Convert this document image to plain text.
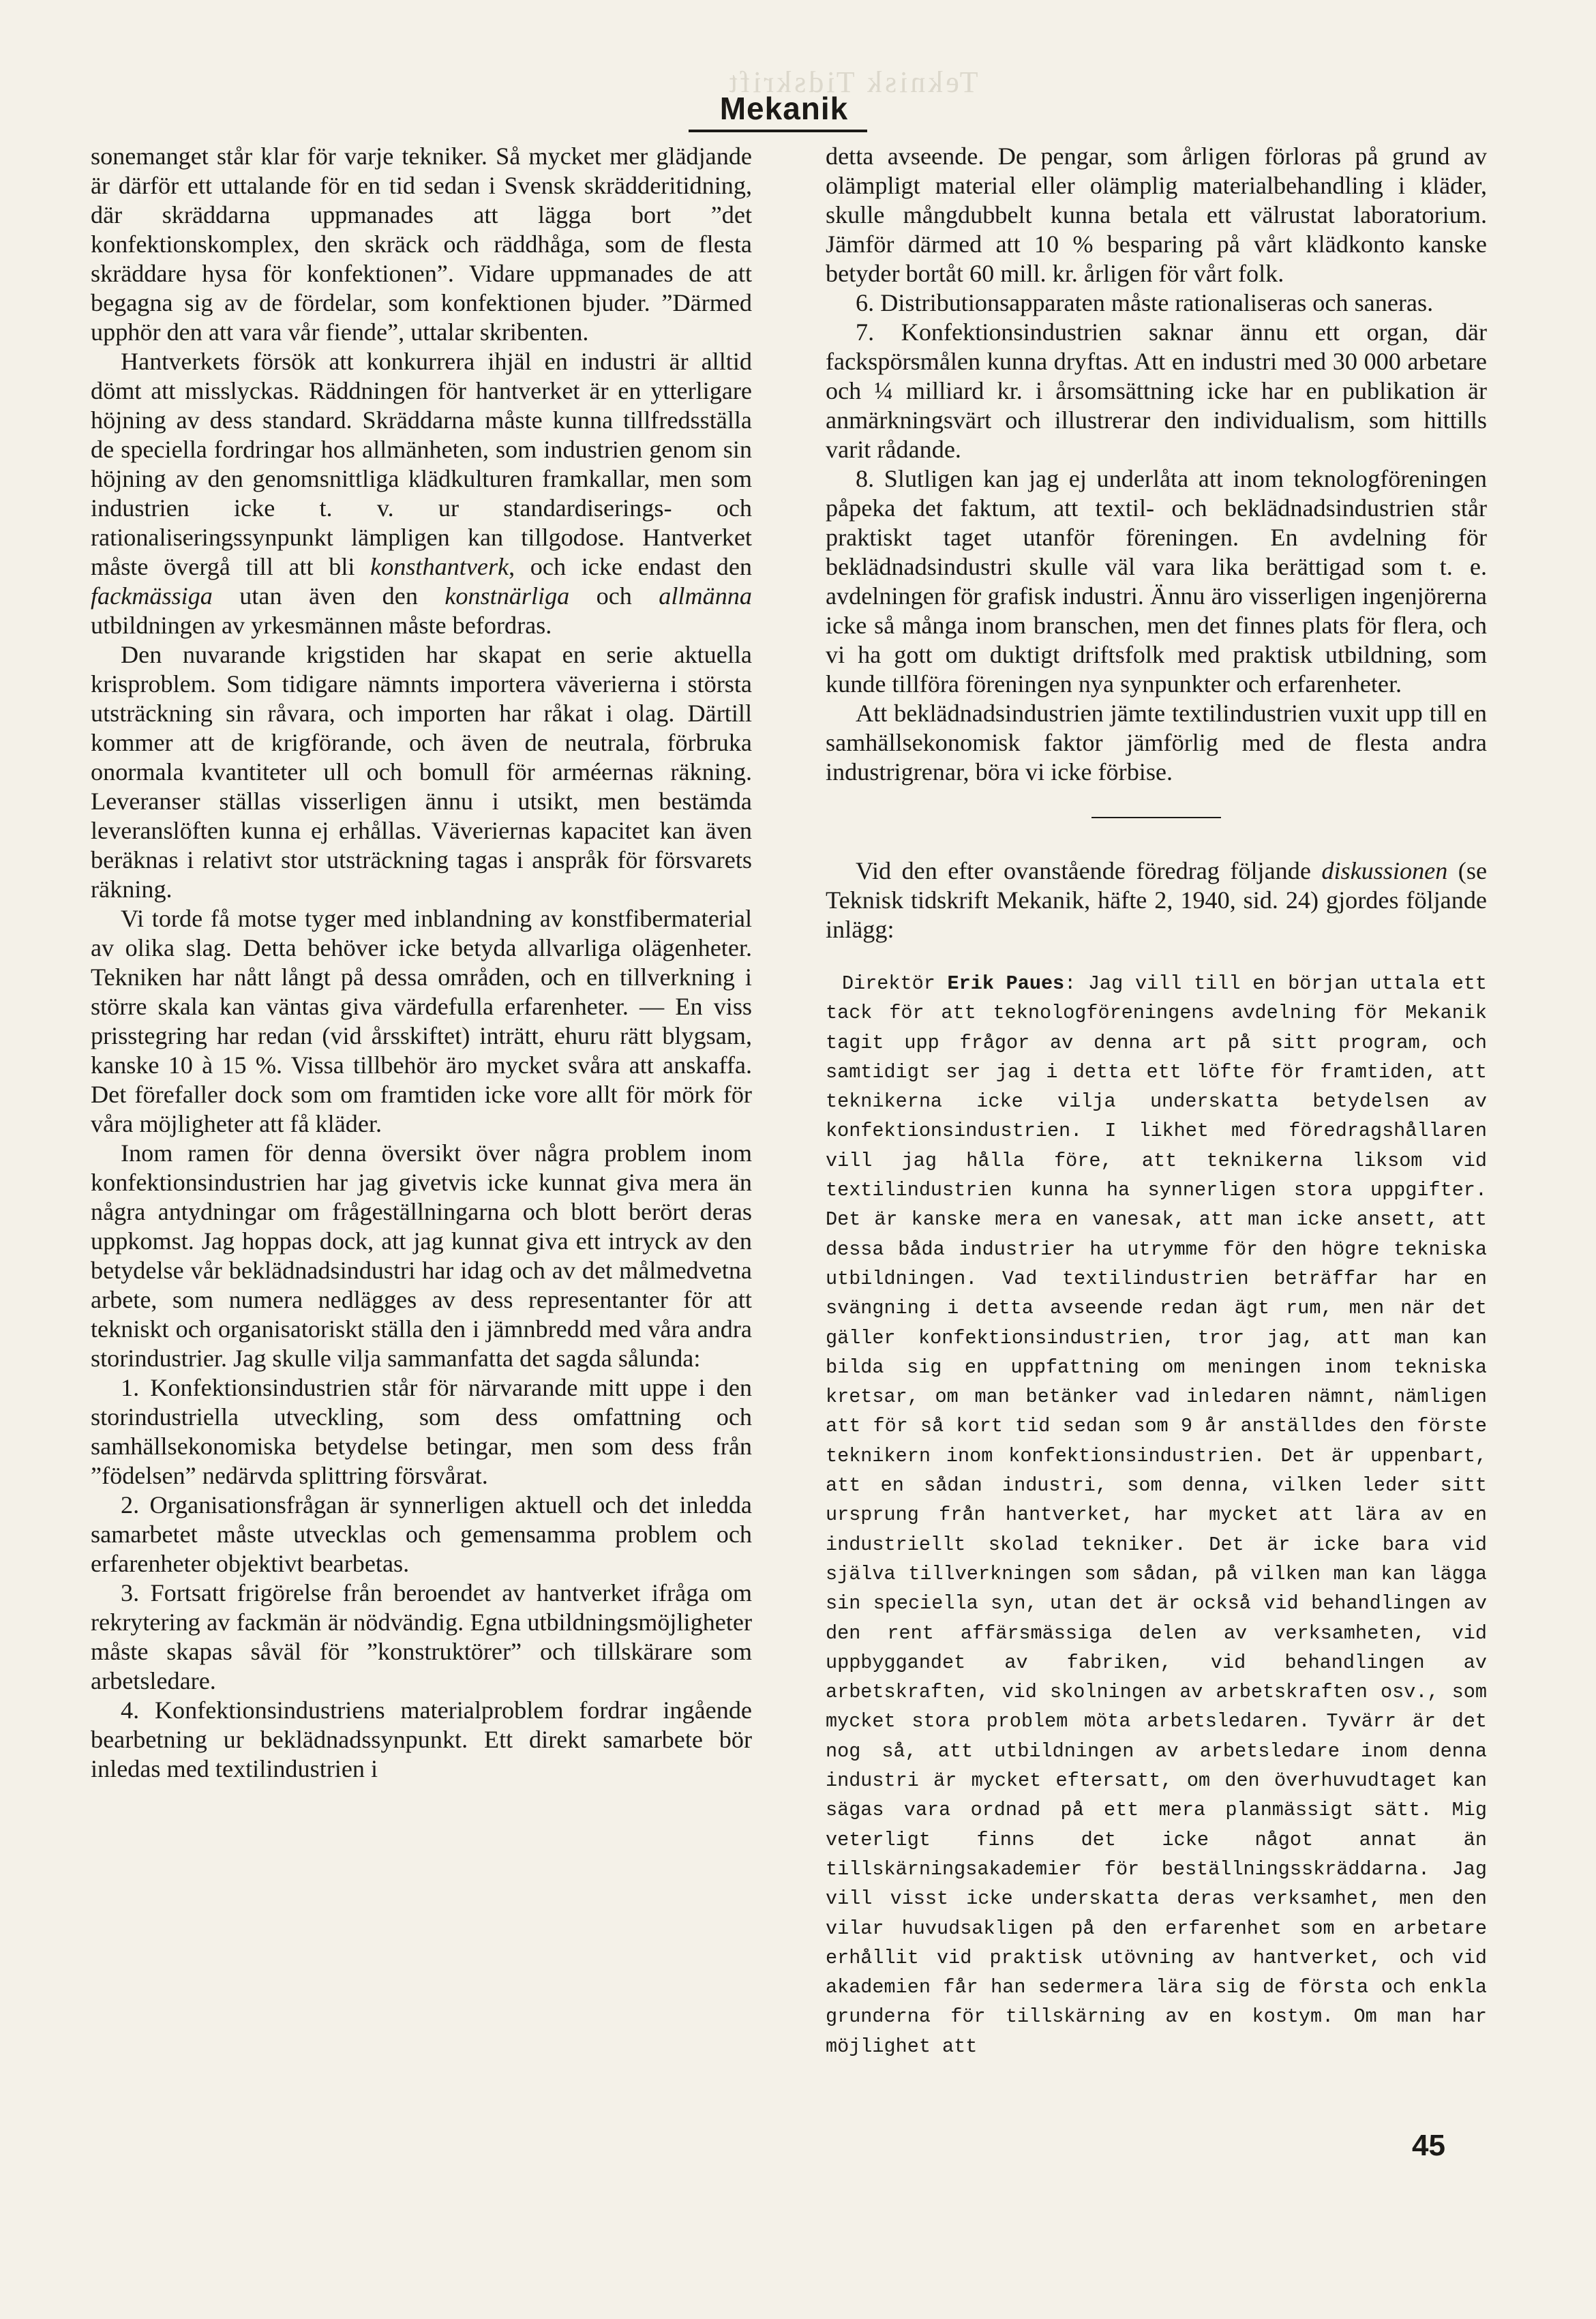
Teknisk Tidskrift
Mekanik

sonemanget står klar för varje tekniker. Så mycket mer glädjande är därför ett uttalande för en tid sedan i Svensk skrädderitidning, där skräddarna uppmanades att lägga bort ”det konfektionskomplex, den skräck och räddhåga, som de flesta skräddare hysa för konfektionen”. Vidare uppmanades de att begagna sig av de fördelar, som konfektionen bjuder. ”Därmed upphör den att vara vår fiende”, uttalar skribenten.

Hantverkets försök att konkurrera ihjäl en industri är alltid dömt att misslyckas. Räddningen för hantverket är en ytterligare höjning av dess standard. Skräddarna måste kunna tillfredsställa de speciella fordringar hos allmänheten, som industrien genom sin höjning av den genomsnittliga klädkulturen framkallar, men som industrien icke t. v. ur standardiserings- och rationaliseringssynpunkt lämpligen kan tillgodose. Hantverket måste övergå till att bli konsthantverk, och icke endast den fackmässiga utan även den konstnärliga och allmänna utbildningen av yrkesmännen måste befordras.

Den nuvarande krigstiden har skapat en serie aktuella krisproblem. Som tidigare nämnts importera väverierna i största utsträckning sin råvara, och importen har råkat i olag. Därtill kommer att de krigförande, och även de neutrala, förbruka onormala kvantiteter ull och bomull för arméernas räkning. Leveranser ställas visserligen ännu i utsikt, men bestämda leveranslöften kunna ej erhållas. Väveriernas kapacitet kan även beräknas i relativt stor utsträckning tagas i anspråk för försvarets räkning.

Vi torde få motse tyger med inblandning av konstfibermaterial av olika slag. Detta behöver icke betyda allvarliga olägenheter. Tekniken har nått långt på dessa områden, och en tillverkning i större skala kan väntas giva värdefulla erfarenheter. — En viss prisstegring har redan (vid årsskiftet) inträtt, ehuru rätt blygsam, kanske 10 à 15 %. Vissa tillbehör äro mycket svåra att anskaffa. Det förefaller dock som om framtiden icke vore allt för mörk för våra möjligheter att få kläder.

Inom ramen för denna översikt över några problem inom konfektionsindustrien har jag givetvis icke kunnat giva mera än några antydningar om frågeställningarna och blott berört deras uppkomst. Jag hoppas dock, att jag kunnat giva ett intryck av den betydelse vår beklädnadsindustri har idag och av det målmedvetna arbete, som numera nedlägges av dess representanter för att tekniskt och organisatoriskt ställa den i jämnbredd med våra andra storindustrier. Jag skulle vilja sammanfatta det sagda sålunda:

1. Konfektionsindustrien står för närvarande mitt uppe i den storindustriella utveckling, som dess omfattning och samhällsekonomiska betydelse betingar, men som dess från ”födelsen” nedärvda splittring försvårat.

2. Organisationsfrågan är synnerligen aktuell och det inledda samarbetet måste utvecklas och gemensamma problem och erfarenheter objektivt bearbetas.

3. Fortsatt frigörelse från beroendet av hantverket ifråga om rekrytering av fackmän är nödvändig. Egna utbildningsmöjligheter måste skapas såväl för ”konstruktörer” och tillskärare som arbetsledare.

4. Konfektionsindustriens materialproblem fordrar ingående bearbetning ur beklädnadssynpunkt. Ett direkt samarbete bör inledas med textilindustrien i

detta avseende. De pengar, som årligen förloras på grund av olämpligt material eller olämplig materialbehandling i kläder, skulle mångdubbelt kunna betala ett välrustat laboratorium. Jämför därmed att 10 % besparing på vårt klädkonto kanske betyder bortåt 60 mill. kr. årligen för vårt folk.

6. Distributionsapparaten måste rationaliseras och saneras.

7. Konfektionsindustrien saknar ännu ett organ, där fackspörsmålen kunna dryftas. Att en industri med 30 000 arbetare och ¼ milliard kr. i årsomsättning icke har en publikation är anmärkningsvärt och illustrerar den individualism, som hittills varit rådande.

8. Slutligen kan jag ej underlåta att inom teknologföreningen påpeka det faktum, att textil- och beklädnadsindustrien står praktiskt taget utanför föreningen. En avdelning för beklädnadsindustri skulle väl vara lika berättigad som t. e. avdelningen för grafisk industri. Ännu äro visserligen ingenjörerna icke så många inom branschen, men det finnes plats för flera, och vi ha gott om duktigt driftsfolk med praktisk utbildning, som kunde tillföra föreningen nya synpunkter och erfarenheter.

Att beklädnadsindustrien jämte textilindustrien vuxit upp till en samhällsekonomisk faktor jämförlig med de flesta andra industrigrenar, böra vi icke förbise.

Vid den efter ovanstående föredrag följande diskussionen (se Teknisk tidskrift Mekanik, häfte 2, 1940, sid. 24) gjordes följande inlägg:

Direktör Erik Paues: Jag vill till en början uttala ett tack för att teknologföreningens avdelning för Mekanik tagit upp frågor av denna art på sitt program, och samtidigt ser jag i detta ett löfte för framtiden, att teknikerna icke vilja underskatta betydelsen av konfektionsindustrien. I likhet med föredragshållaren vill jag hålla före, att teknikerna liksom vid textilindustrien kunna ha synnerligen stora uppgifter. Det är kanske mera en vanesak, att man icke ansett, att dessa båda industrier ha utrymme för den högre tekniska utbildningen. Vad textilindustrien beträffar har en svängning i detta avseende redan ägt rum, men när det gäller konfektionsindustrien, tror jag, att man kan bilda sig en uppfattning om meningen inom tekniska kretsar, om man betänker vad inledaren nämnt, nämligen att för så kort tid sedan som 9 år anställdes den förste teknikern inom konfektionsindustrien. Det är uppenbart, att en sådan industri, som denna, vilken leder sitt ursprung från hantverket, har mycket att lära av en industriellt skolad tekniker. Det är icke bara vid själva tillverkningen som sådan, på vilken man kan lägga sin speciella syn, utan det är också vid behandlingen av den rent affärsmässiga delen av verksamheten, vid uppbyggandet av fabriken, vid behandlingen av arbetskraften, vid skolningen av arbetskraften osv., som mycket stora problem möta arbetsledaren. Tyvärr är det nog så, att utbildningen av arbetsledare inom denna industri är mycket eftersatt, om den överhuvudtaget kan sägas vara ordnad på ett mera planmässigt sätt. Mig veterligt finns det icke något annat än tillskärningsakademier för beställningsskräddarna. Jag vill visst icke underskatta deras verksamhet, men den vilar huvudsakligen på den erfarenhet som en arbetare erhållit vid praktisk utövning av hantverket, och vid akademien får han sedermera lära sig de första och enkla grunderna för tillskärning av en kostym. Om man har möjlighet att

45
